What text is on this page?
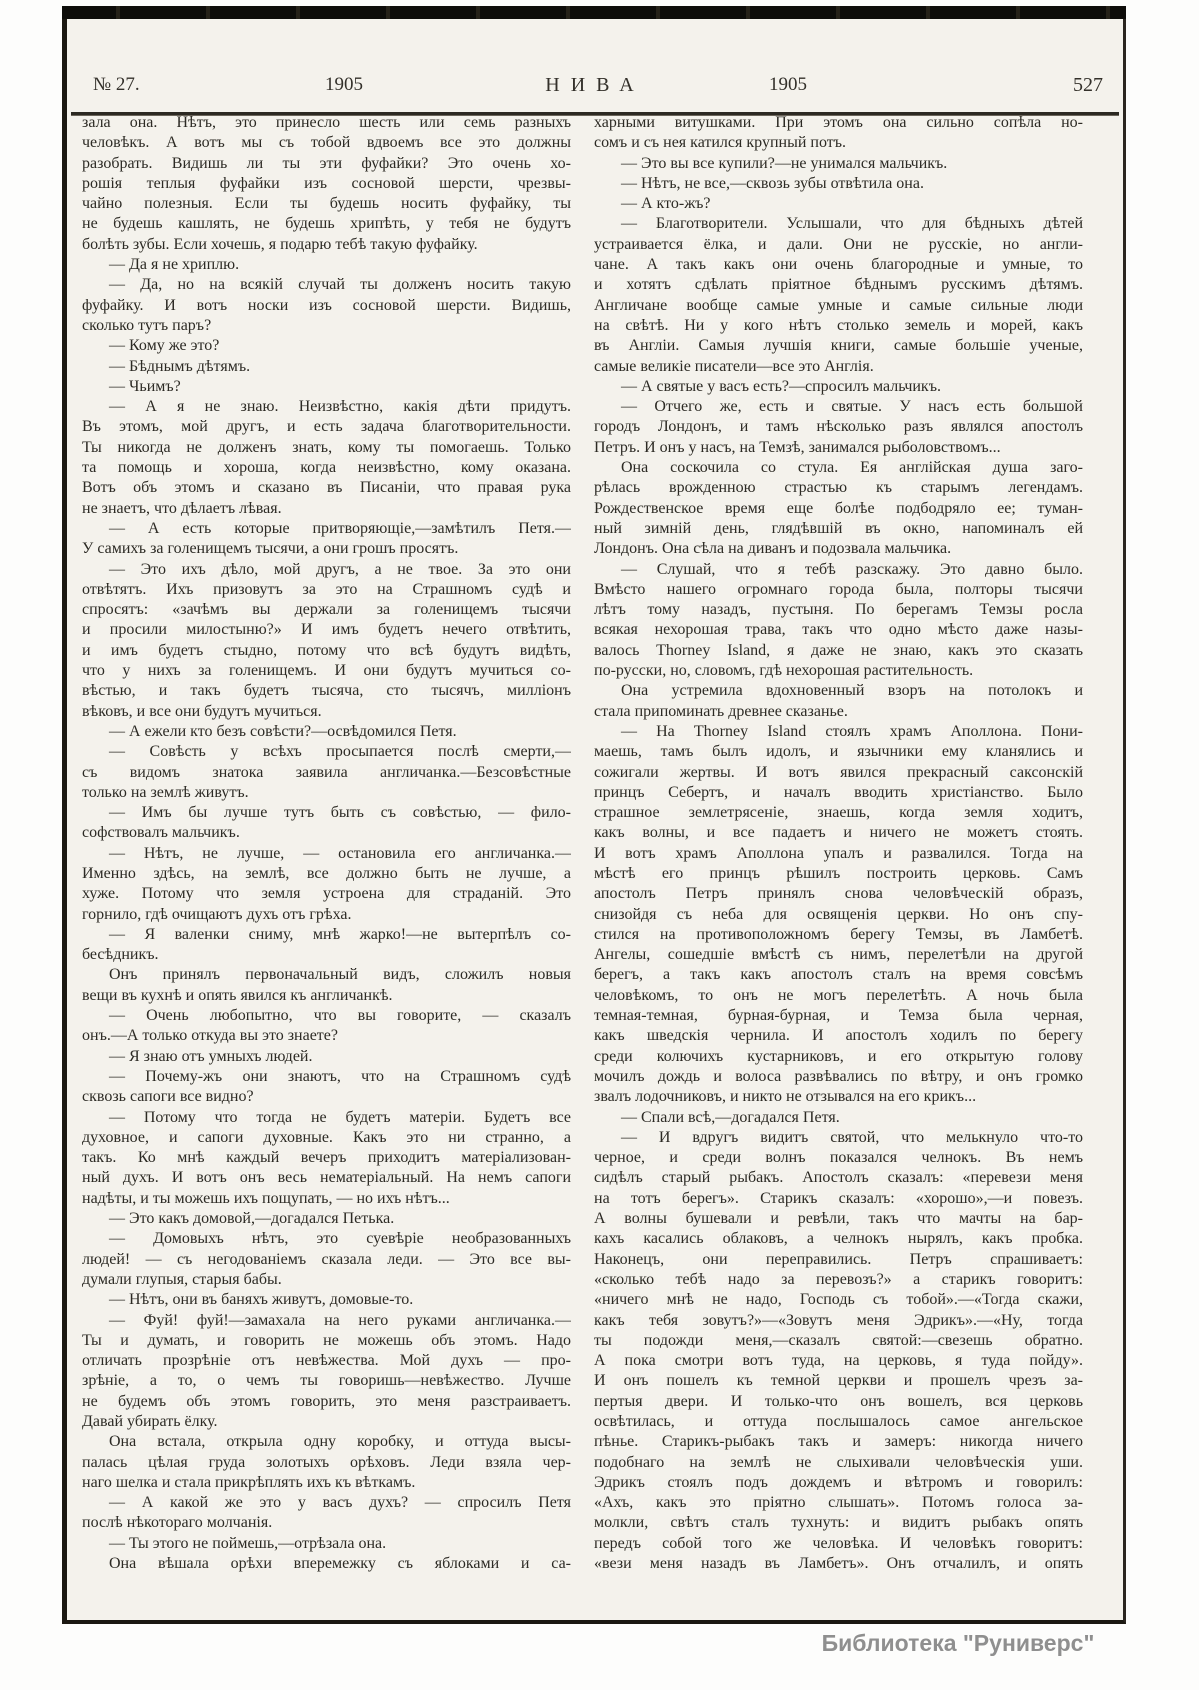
№ 27.	1905	НИВА	1905	527
зала она. Нѣтъ, это принесло шесть или семь разныхъ
человѣкъ. А вотъ мы съ тобой вдвоемъ все это должны
разобрать. Видишь ли ты эти фуфайки? Это очень хо-
рошія теплыя фуфайки изъ сосновой шерсти, чрезвы-
чайно полезныя. Если ты будешь носить фуфайку, ты
не будешь кашлять, не будешь хрипѣть, у тебя не будутъ
болѣть зубы. Если хочешь, я подарю тебѣ такую фуфайку.
— Да я не хриплю.
— Да, но на всякій случай ты долженъ носить такую
фуфайку. И вотъ носки изъ сосновой шерсти. Видишь,
сколько тутъ паръ?
— Кому же это?
— Бѣднымъ дѣтямъ.
— Чьимъ?
— А я не знаю. Неизвѣстно, какія дѣти придутъ.
Въ этомъ, мой другъ, и есть задача благотворительности.
Ты никогда не долженъ знать, кому ты помогаешь. Только
та помощь и хороша, когда неизвѣстно, кому оказана.
Вотъ объ этомъ и сказано въ Писаніи, что правая рука
не знаетъ, что дѣлаетъ лѣвая.
— А есть которые притворяющіе,—замѣтилъ Петя.—
У самихъ за голенищемъ тысячи, а они грошъ просятъ.
— Это ихъ дѣло, мой другъ, а не твое. За это они
отвѣтятъ. Ихъ призовутъ за это на Страшномъ судѣ и
спросятъ: «зачѣмъ вы держали за голенищемъ тысячи
и просили милостыню?» И имъ будетъ нечего отвѣтить,
и имъ будетъ стыдно, потому что всѣ будутъ видѣть,
что у нихъ за голенищемъ. И они будутъ мучиться со-
вѣстью, и такъ будетъ тысяча, сто тысячъ, милліонъ
вѣковъ, и все они будутъ мучиться.
— А ежели кто безъ совѣсти?—освѣдомился Петя.
— Совѣсть у всѣхъ просыпается послѣ смерти,—
съ видомъ знатока заявила англичанка.—Безсовѣстные
только на землѣ живутъ.
— Имъ бы лучше тутъ быть съ совѣстью, — фило-
софствовалъ мальчикъ.
— Нѣтъ, не лучше, — остановила его англичанка.—
Именно здѣсь, на землѣ, все должно быть не лучше, а
хуже. Потому что земля устроена для страданій. Это
горнило, гдѣ очищаютъ духъ отъ грѣха.
— Я валенки сниму, мнѣ жарко!—не вытерпѣлъ со-
бесѣдникъ.
Онъ принялъ первоначальный видъ, сложилъ новыя
вещи въ кухнѣ и опять явился къ англичанкѣ.
— Очень любопытно, что вы говорите, — сказалъ
онъ.—А только откуда вы это знаете?
— Я знаю отъ умныхъ людей.
— Почему-жъ они знаютъ, что на Страшномъ судѣ
сквозь сапоги все видно?
— Потому что тогда не будетъ матеріи. Будетъ все
духовное, и сапоги духовные. Какъ это ни странно, а
такъ. Ко мнѣ каждый вечеръ приходитъ матеріализован-
ный духъ. И вотъ онъ весь нематеріальный. На немъ сапоги
надѣты, и ты можешь ихъ пощупать, — но ихъ нѣтъ...
— Это какъ домовой,—догадался Петька.
— Домовыхъ нѣтъ, это суевѣріе необразованныхъ
людей! — съ негодованіемъ сказала леди. — Это все вы-
думали глупыя, старыя бабы.
— Нѣтъ, они въ баняхъ живутъ, домовые-то.
— Фуй! фуй!—замахала на него руками англичанка.—
Ты и думать, и говорить не можешь объ этомъ. Надо
отличать прозрѣніе отъ невѣжества. Мой духъ — про-
зрѣніе, а то, о чемъ ты говоришь—невѣжество. Лучше
не будемъ объ этомъ говорить, это меня разстраиваетъ.
Давай убирать ёлку.
Она встала, открыла одну коробку, и оттуда высы-
палась цѣлая груда золотыхъ орѣховъ. Леди взяла чер-
наго шелка и стала прикрѣплять ихъ къ вѣткамъ.
— А какой же это у васъ духъ? — спросилъ Петя
послѣ нѣкотораго молчанія.
— Ты этого не поймешь,—отрѣзала она.
Она вѣшала орѣхи вперемежку съ яблоками и са-
харными витушками. При этомъ она сильно сопѣла но-
сомъ и съ нея катился крупный потъ.
— Это вы все купили?—не унимался мальчикъ.
— Нѣтъ, не все,—сквозь зубы отвѣтила она.
— А кто-жъ?
— Благотворители. Услышали, что для бѣдныхъ дѣтей
устраивается ёлка, и дали. Они не русскіе, но англи-
чане. А такъ какъ они очень благородные и умные, то
и хотятъ сдѣлать пріятное бѣднымъ русскимъ дѣтямъ.
Англичане вообще самые умные и самые сильные люди
на свѣтѣ. Ни у кого нѣтъ столько земель и морей, какъ
въ Англіи. Самыя лучшія книги, самые большіе ученые,
самые великіе писатели—все это Англія.
— А святые у васъ есть?—спросилъ мальчикъ.
— Отчего же, есть и святые. У насъ есть большой
городъ Лондонъ, и тамъ нѣсколько разъ являлся апостолъ
Петръ. И онъ у насъ, на Темзѣ, занимался рыболовствомъ...
Она соскочила со стула. Ея англійская душа заго-
рѣлась врожденною страстью къ старымъ легендамъ.
Рождественское время еще болѣе подбодряло ее; туман-
ный зимній день, глядѣвшій въ окно, напоминалъ ей
Лондонъ. Она сѣла на диванъ и подозвала мальчика.
— Слушай, что я тебѣ разскажу. Это давно было.
Вмѣсто нашего огромнаго города была, полторы тысячи
лѣтъ тому назадъ, пустыня. По берегамъ Темзы росла
всякая нехорошая трава, такъ что одно мѣсто даже назы-
валось Thorney Island, я даже не знаю, какъ это сказать
по-русски, но, словомъ, гдѣ нехорошая растительность.
Она устремила вдохновенный взоръ на потолокъ и
стала припоминать древнее сказанье.
— На Thorney Island стоялъ храмъ Аполлона. Пони-
маешь, тамъ былъ идолъ, и язычники ему кланялись и
сожигали жертвы. И вотъ явился прекрасный саксонскій
принцъ Себертъ, и началъ вводить христіанство. Было
страшное землетрясеніе, знаешь, когда земля ходитъ,
какъ волны, и все падаетъ и ничего не можетъ стоять.
И вотъ храмъ Аполлона упалъ и развалился. Тогда на
мѣстѣ его принцъ рѣшилъ построить церковь. Самъ
апостолъ Петръ принялъ снова человѣческій образъ,
снизойдя съ неба для освященія церкви. Но онъ спу-
стился на противоположномъ берегу Темзы, въ Ламбетѣ.
Ангелы, сошедшіе вмѣстѣ съ нимъ, перелетѣли на другой
берегъ, а такъ какъ апостолъ сталъ на время совсѣмъ
человѣкомъ, то онъ не могъ перелетѣть. А ночь была
темная-темная, бурная-бурная, и Темза была черная,
какъ шведскія чернила. И апостолъ ходилъ по берегу
среди колючихъ кустарниковъ, и его открытую голову
мочилъ дождь и волоса развѣвались по вѣтру, и онъ громко
звалъ лодочниковъ, и никто не отзывался на его крикъ...
— Спали всѣ,—догадался Петя.
— И вдругъ видитъ святой, что мелькнуло что-то
черное, и среди волнъ показался челнокъ. Въ немъ
сидѣлъ старый рыбакъ. Апостолъ сказалъ: «перевези меня
на тотъ берегъ». Старикъ сказалъ: «хорошо»,—и повезъ.
А волны бушевали и ревѣли, такъ что мачты на бар-
кахъ касались облаковъ, а челнокъ нырялъ, какъ пробка.
Наконецъ, они переправились. Петръ спрашиваетъ:
«сколько тебѣ надо за перевозъ?» а старикъ говоритъ:
«ничего мнѣ не надо, Господь съ тобой».—«Тогда скажи,
какъ тебя зовутъ?»—«Зовутъ меня Эдрикъ».—«Ну, тогда
ты подожди меня,—сказалъ святой:—свезешь обратно.
А пока смотри вотъ туда, на церковь, я туда пойду».
И онъ пошелъ къ темной церкви и прошелъ чрезъ за-
пертыя двери. И только-что онъ вошелъ, вся церковь
освѣтилась, и оттуда послышалось самое ангельское
пѣнье. Старикъ-рыбакъ такъ и замеръ: никогда ничего
подобнаго на землѣ не слыхивали человѣческія уши.
Эдрикъ стоялъ подъ дождемъ и вѣтромъ и говорилъ:
«Ахъ, какъ это пріятно слышать». Потомъ голоса за-
молкли, свѣтъ сталъ тухнуть: и видитъ рыбакъ опять
передъ собой того же человѣка. И человѣкъ говоритъ:
«вези меня назадъ въ Ламбетъ». Онъ отчалилъ, и опять
Библиотека "Руниверс"
